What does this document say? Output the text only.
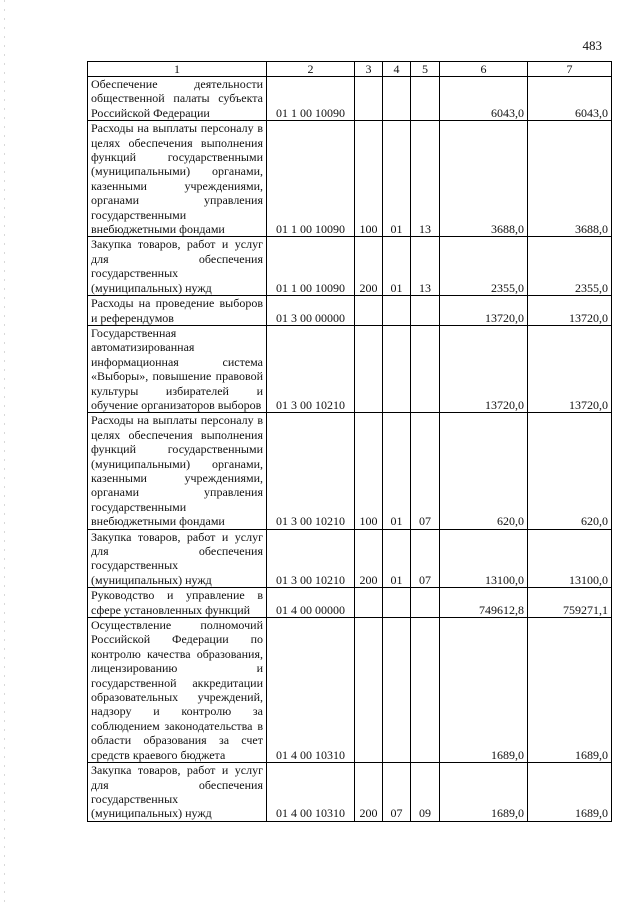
483
1	2	3	4	5	6	7
Обеспечение деятельности общественной палаты субъекта Российской Федерации	01 1 00 10090				6043,0	6043,0
Расходы на выплаты персоналу в целях обеспечения выполнения функций государственными (муниципальными) органами, казенными учреждениями, органами управления государственными внебюджетными фондами	01 1 00 10090	100	01	13	3688,0	3688,0
Закупка товаров, работ и услуг для обеспечения государственных (муниципальных) нужд	01 1 00 10090	200	01	13	2355,0	2355,0
Расходы на проведение выборов и референдумов	01 3 00 00000				13720,0	13720,0
Государственная автоматизированная информационная система «Выборы», повышение правовой культуры избирателей и обучение организаторов выборов	01 3 00 10210				13720,0	13720,0
Расходы на выплаты персоналу в целях обеспечения выполнения функций государственными (муниципальными) органами, казенными учреждениями, органами управления государственными внебюджетными фондами	01 3 00 10210	100	01	07	620,0	620,0
Закупка товаров, работ и услуг для обеспечения государственных (муниципальных) нужд	01 3 00 10210	200	01	07	13100,0	13100,0
Руководство и управление в сфере установленных функций	01 4 00 00000				749612,8	759271,1
Осуществление полномочий Российской Федерации по контролю качества образования, лицензированию и государственной аккредитации образовательных учреждений, надзору и контролю за соблюдением законодательства в области образования за счет средств краевого бюджета	01 4 00 10310				1689,0	1689,0
Закупка товаров, работ и услуг для обеспечения государственных (муниципальных) нужд	01 4 00 10310	200	07	09	1689,0	1689,0
